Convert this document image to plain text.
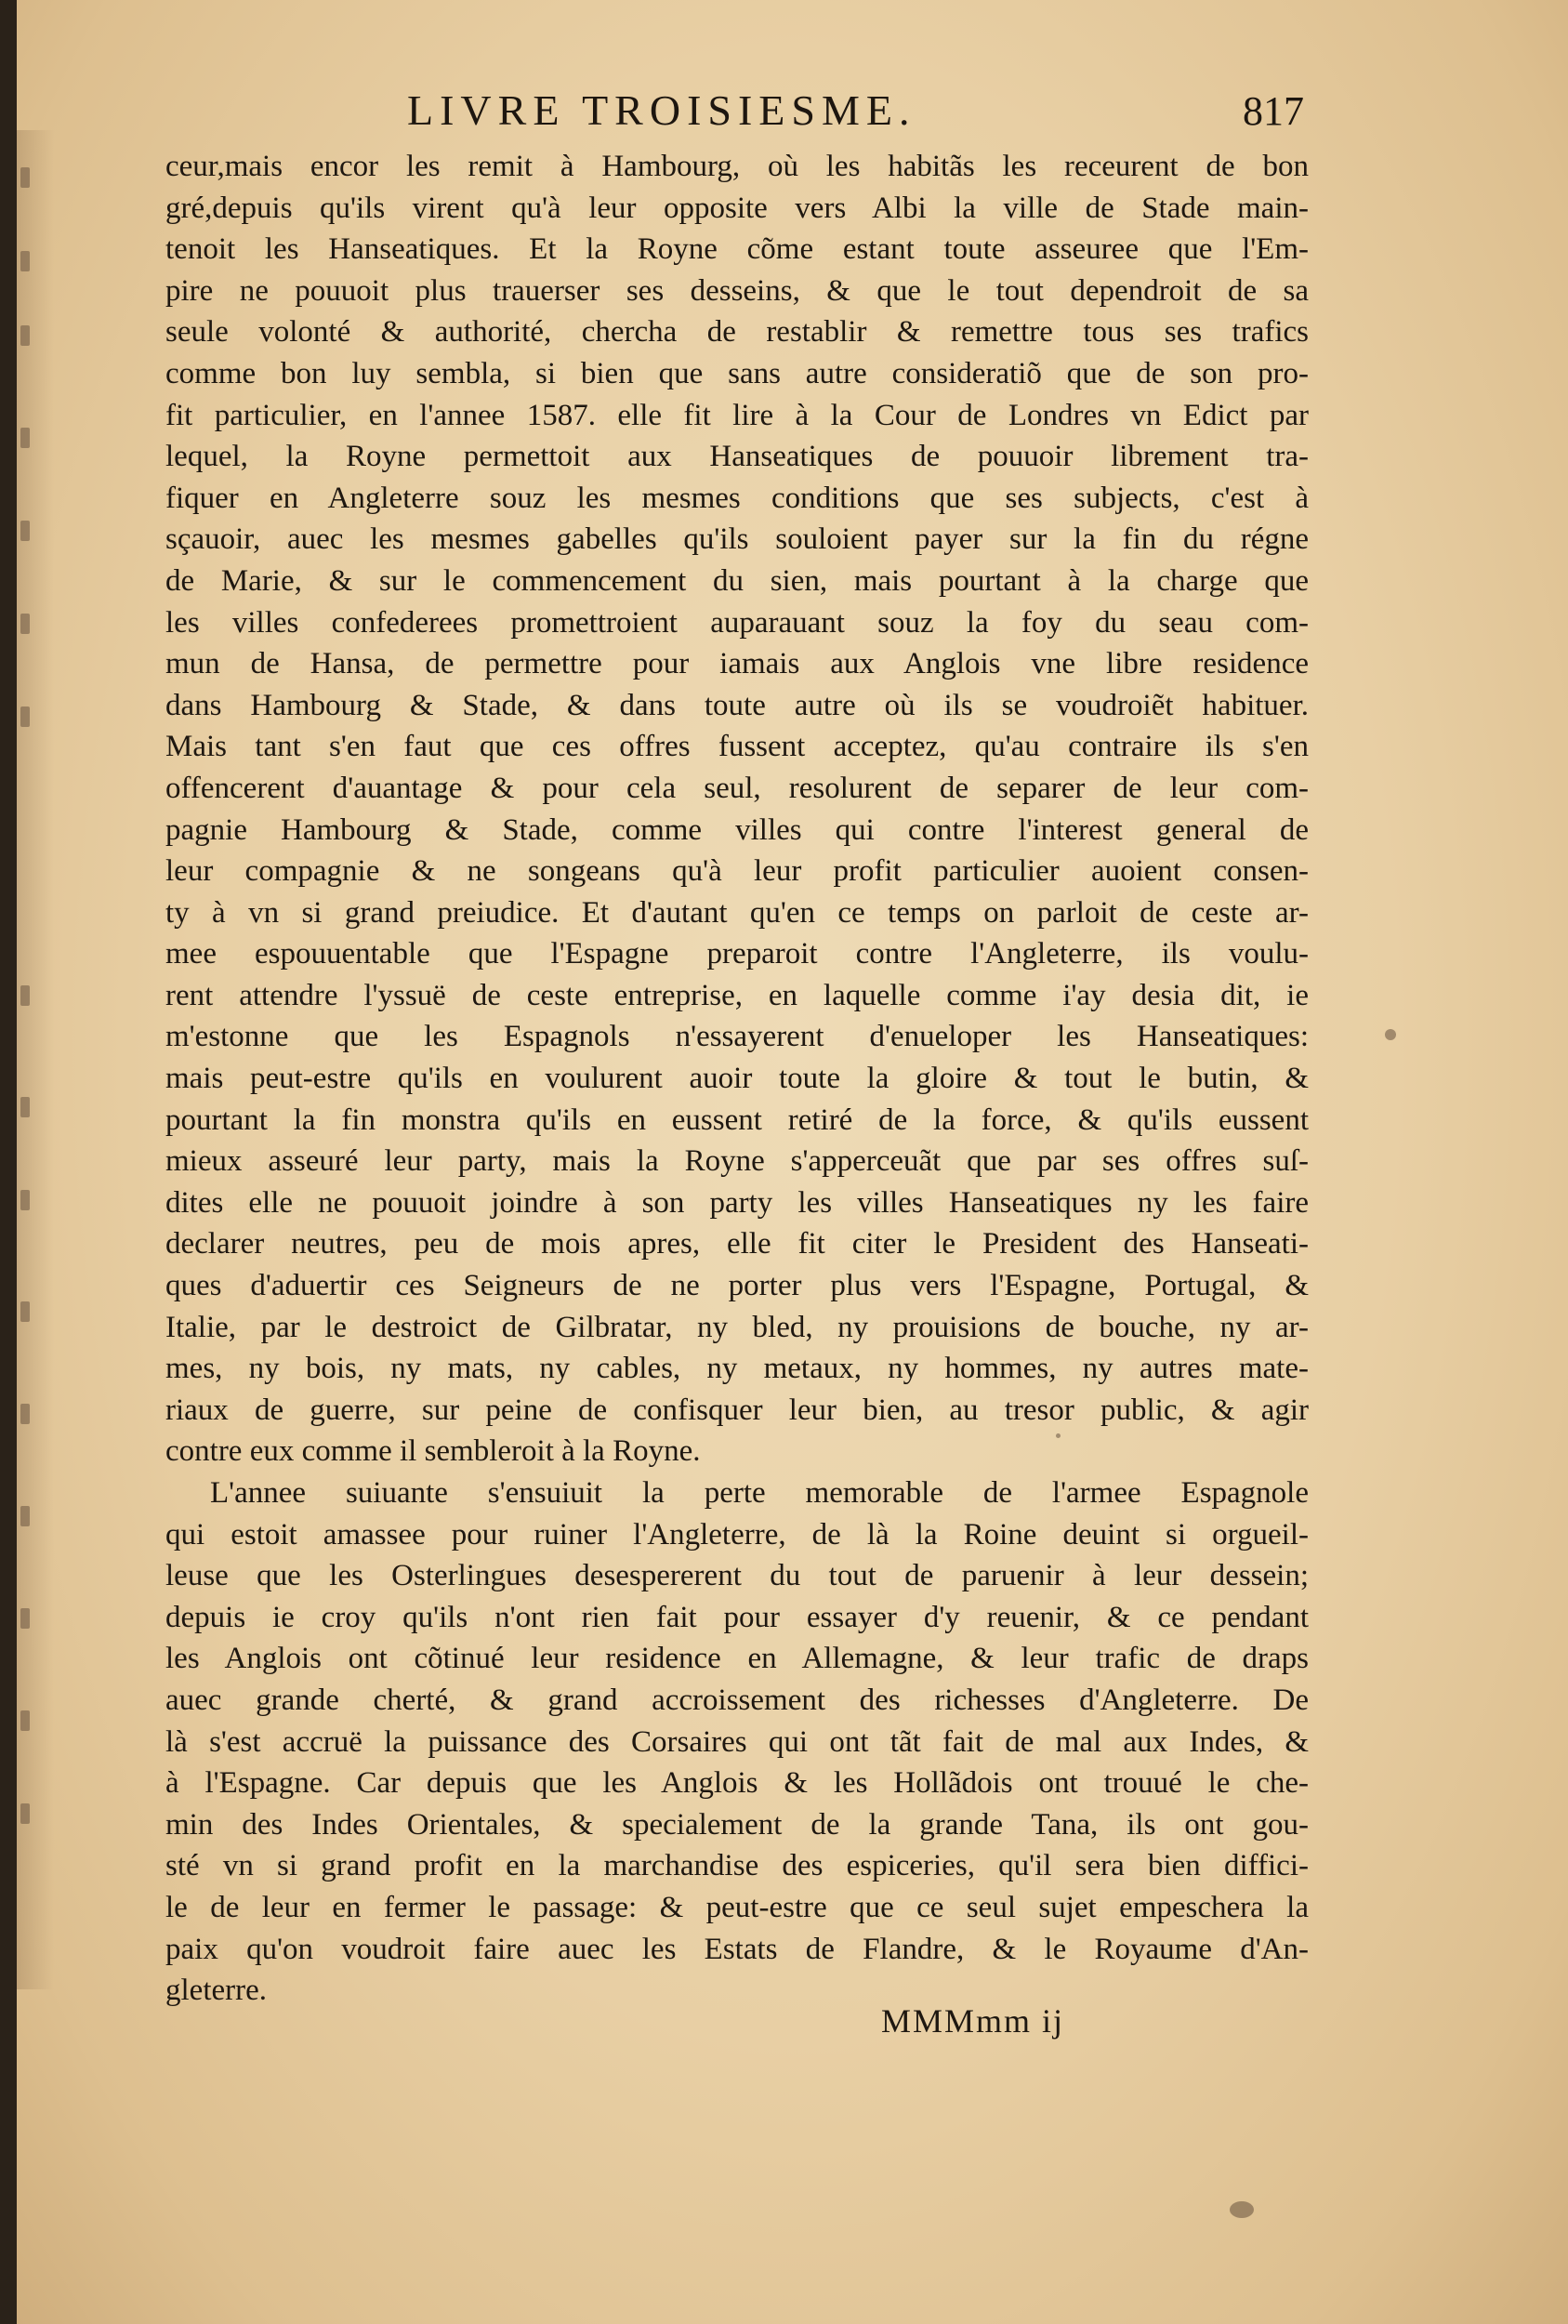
LIVRE TROISIESME.	817
ceur,mais encor les remit à Hambourg, où les habitãs les receurent de bon
gré,depuis qu'ils virent qu'à leur opposite vers Albi la ville de Stade main-
tenoit les Hanseatiques. Et la Royne cõme estant toute asseuree que l'Em-
pire ne pouuoit plus trauerser ses desseins, & que le tout dependroit de sa
seule volonté & authorité, chercha de restablir & remettre tous ses trafics
comme bon luy sembla, si bien que sans autre consideratiõ que de son pro-
fit particulier, en l'annee 1587. elle fit lire à la Cour de Londres vn Edict par
lequel, la Royne permettoit aux Hanseatiques de pouuoir librement tra-
fiquer en Angleterre souz les mesmes conditions que ses subjects, c'est à
sçauoir, auec les mesmes gabelles qu'ils souloient payer sur la fin du régne
de Marie, & sur le commencement du sien, mais pourtant à la charge que
les villes confederees promettroient auparauant souz la foy du seau com-
mun de Hansa, de permettre pour iamais aux Anglois vne libre residence
dans Hambourg & Stade, & dans toute autre où ils se voudroiẽt habituer.
Mais tant s'en faut que ces offres fussent acceptez, qu'au contraire ils s'en
offencerent d'auantage & pour cela seul, resolurent de separer de leur com-
pagnie Hambourg & Stade, comme villes qui contre l'interest general de
leur compagnie & ne songeans qu'à leur profit particulier auoient consen-
ty à vn si grand preiudice. Et d'autant qu'en ce temps on parloit de ceste ar-
mee espouuentable que l'Espagne preparoit contre l'Angleterre, ils voulu-
rent attendre l'yssuë de ceste entreprise, en laquelle comme i'ay desia dit, ie
m'estonne que les Espagnols n'essayerent d'enueloper les Hanseatiques:
mais peut-estre qu'ils en voulurent auoir toute la gloire & tout le butin, &
pourtant la fin monstra qu'ils en eussent retiré de la force, & qu'ils eussent
mieux asseuré leur party, mais la Royne s'apperceuãt que par ses offres suſ-
dites elle ne pouuoit joindre à son party les villes Hanseatiques ny les faire
declarer neutres, peu de mois apres, elle fit citer le President des Hanseati-
ques d'aduertir ces Seigneurs de ne porter plus vers l'Espagne, Portugal, &
Italie, par le destroict de Gilbratar, ny bled, ny prouisions de bouche, ny ar-
mes, ny bois, ny mats, ny cables, ny metaux, ny hommes, ny autres mate-
riaux de guerre, sur peine de confisquer leur bien, au tresor public, & agir
contre eux comme il sembleroit à la Royne.
L'annee suiuante s'ensuiuit la perte memorable de l'armee Espagnole
qui estoit amassee pour ruiner l'Angleterre, de là la Roine deuint si orgueil-
leuse que les Osterlingues desespererent du tout de paruenir à leur dessein;
depuis ie croy qu'ils n'ont rien fait pour essayer d'y reuenir, & ce pendant
les Anglois ont cõtinué leur residence en Allemagne, & leur trafic de draps
auec grande cherté, & grand accroissement des richesses d'Angleterre. De
là s'est accruë la puissance des Corsaires qui ont tãt fait de mal aux Indes, &
à l'Espagne. Car depuis que les Anglois & les Hollãdois ont trouué le che-
min des Indes Orientales, & specialement de la grande Tana, ils ont gou-
sté vn si grand profit en la marchandise des espiceries, qu'il sera bien diffici-
le de leur en fermer le passage: & peut-estre que ce seul sujet empeschera la
paix qu'on voudroit faire auec les Estats de Flandre, & le Royaume d'An-
gleterre.
MMMmm ij
